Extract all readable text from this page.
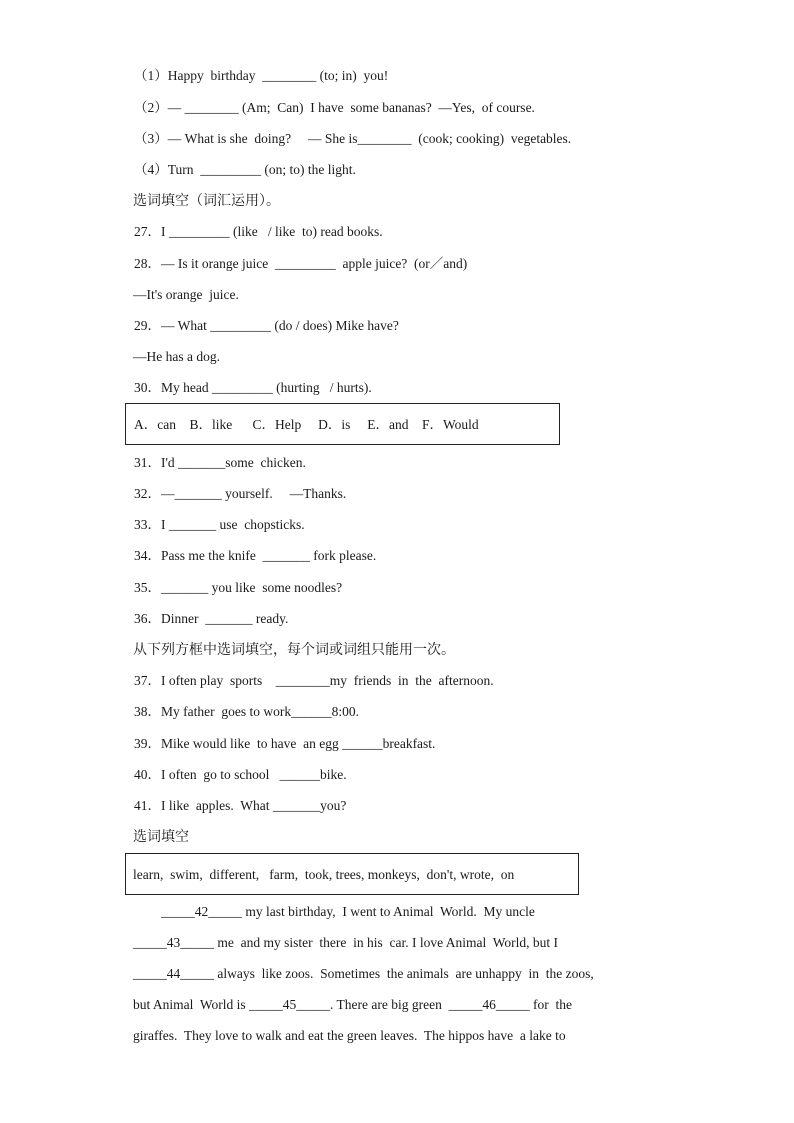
（1）Happy  birthday  ________ (to; in)  you!
（2）— ________ (Am;  Can)  I have  some bananas?  —Yes,  of course.
（3）— What is she  doing?     — She is________  (cook; cooking)  vegetables.
（4）Turn  _________ (on; to) the light.
选词填空（词汇运用）。
27．I _________ (like   / like  to) read books.
28．— Is it orange juice  _________  apple juice?  (or／and)
—It's orange  juice.
29．— What _________ (do / does) Mike have?
—He has a dog.
30．My head _________ (hurting   / hurts).
A．can    B．like      C．Help     D．is     E．and    F．Would
31．I'd _______some  chicken.
32．—_______ yourself.     —Thanks.
33．I _______ use  chopsticks.
34．Pass me the knife  _______ fork please.
35．_______ you like  some noodles?
36．Dinner  _______ ready.
从下列方框中选词填空，每个词或词组只能用一次。
37．I often play  sports    ________my  friends  in  the  afternoon.
38．My father  goes to work______8:00.
39．Mike would like  to have  an egg ______breakfast.
40．I often  go to school   ______bike.
41．I like  apples.  What _______you?
选词填空
learn,  swim,  different,   farm,  took, trees, monkeys,  don't, wrote,  on
_____42_____ my last birthday,  I went to Animal  World.  My uncle
_____43_____ me  and my sister  there  in his  car. I love Animal  World, but I
_____44_____ always  like zoos.  Sometimes  the animals  are unhappy  in  the zoos,
but Animal  World is _____45_____. There are big green  _____46_____ for  the
giraffes.  They love to walk and eat the green leaves.  The hippos have  a lake to
